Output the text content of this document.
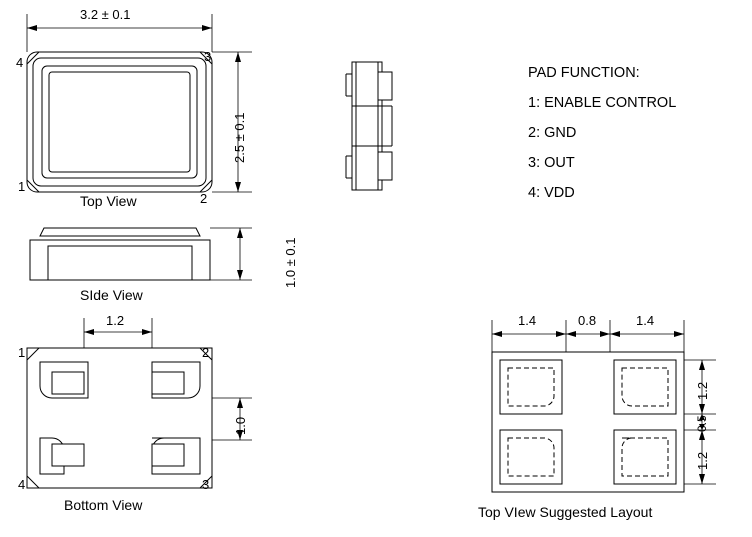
3.2 ± 0.1
2.5 ± 0.1
4	3
1
2
Top View
1.0 ± 0.1
SIde View
1.2
1.0
1	2
4	3
Bottom View
PAD FUNCTION:
1: ENABLE CONTROL
2: GND
3: OUT
4: VDD
1.4	0.8	1.4
1.2
0.5
1.2
Top VIew Suggested Layout
